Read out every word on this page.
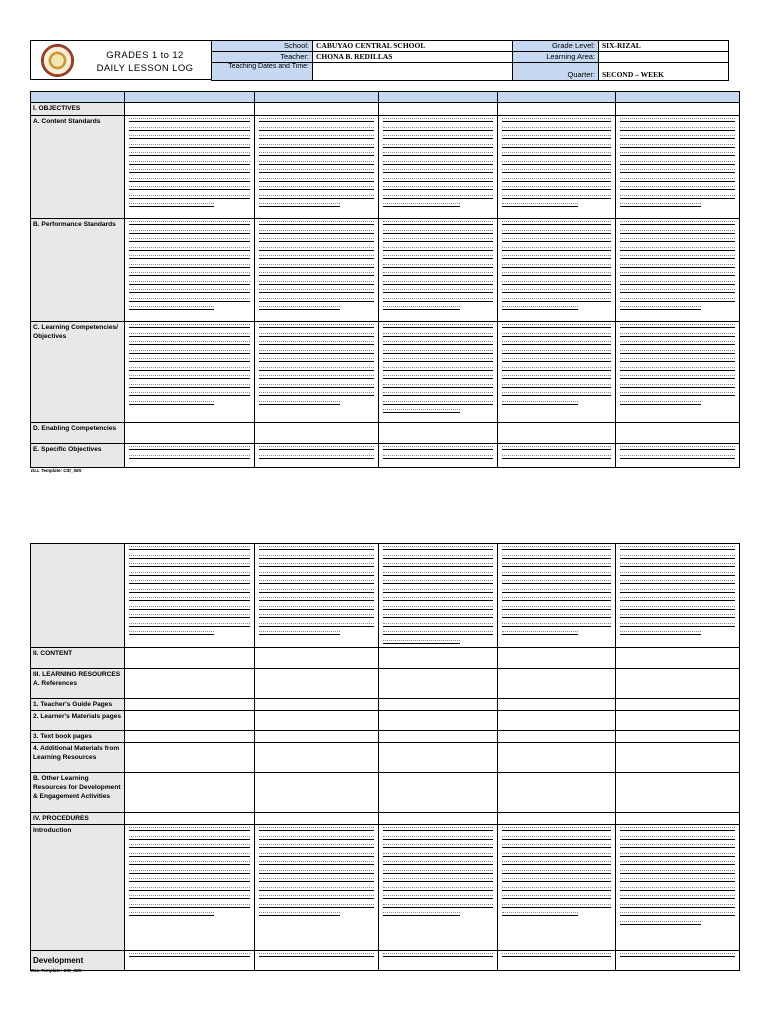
GRADES 1 to 12
DAILY LESSON LOG
School:	CABUYAO CENTRAL SCHOOL	Grade Level:	SIX-RIZAL
Teacher:	CHONA B. REDILLAS	Learning Area:	
Teaching Dates and Time:		Quarter:	SECOND – WEEK

I. OBJECTIVES					
A. Content Standards	

B. Performance Standards	

C. Learning Competencies/ Objectives	

D. Enabling Competencies					
E. Specific Objectives	

DLL Template: CID_IMS

II. CONTENT					
III. LEARNING RESOURCES A. References					
1. Teacher's Guide Pages					
2. Learner's Materials pages					
3. Text book pages					
4. Additional Materials from Learning Resources					
B. Other Learning Resources for Development & Engagement Activities					
IV. PROCEDURES					
Introduction	

Development	

DLL Template: CID_IMS
